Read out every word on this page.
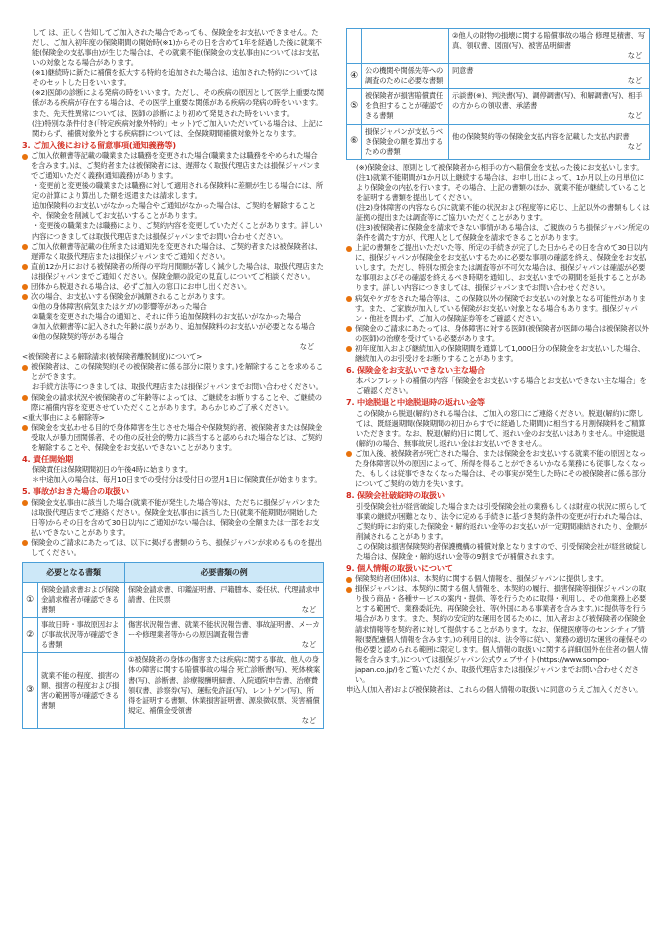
して は、正しく告知してご加入された場合であっても、保険金をお支払いできません。ただし、ご加入初年度の保険期間の開始時(※1)からその日を含めて1年を経過した後に就業不能(保険金の支払事由)が生じた場合は、その就業不能(保険金の支払事由)についてはお支払いの対象となる場合があります。

(※1)継続時に新たに補償を拡大する特約を追加された場合は、追加された特約についてはそのセットした日をいいます。

(※2)医師の診断による発病の時をいいます。ただし、その疾病の原因として医学上重要な関係がある疾病が存在する場合は、その医学上重要な関係がある疾病の発病の時をいいます。また、先天性異常については、医師の診断により初めて発見された時をいいます。

(注)特別な条件付き(「特定疾病対象外特約」セット)でご加入いただいている場合は、上記に関わらず、補償対象外とする疾病群については、全保険期間補償対象外となります。

3. ご加入後における留意事項(通知義務等)

ご加入依頼書等記載の職業または職務を変更された場合(職業または職務をやめられた場合を含みます。)は、ご契約者または被保険者には、遅滞なく取扱代理店または損保ジャパンまでご通知いただく義務(通知義務)があります。

・変更前と変更後の職業または職務に対して適用される保険料に差額が生じる場合には、所定の計算により算出した額を返還または請求します。

追加保険料のお支払いがなかった場合やご通知がなかった場合は、ご契約を解除することや、保険金を削減してお支払いすることがあります。

・変更後の職業または職務により、ご契約内容を変更していただくことがあります。詳しい内容につきましては取扱代理店または損保ジャパンまでお問い合わせください。

ご加入依頼書等記載の住所または通知先を変更された場合は、ご契約者または被保険者は、遅滞なく取扱代理店または損保ジャパンまでご通知ください。

直前12か月における被保険者の所得の平均月間額が著しく減少した場合は、取扱代理店または損保ジャパンまでご通知ください。保険金額の設定の見直しについてご相談ください。

団体から脱退される場合は、必ずご加入の窓口にお申し出ください。

次の場合、お支払いする保険金が減額されることがあります。

①他の身体障害(病気またはケガ)の影響等があった場合

②職業を変更された場合の通知と、それに伴う追加保険料のお支払いがなかった場合

③加入依頼書等に記入された年齢に誤りがあり、追加保険料のお支払いが必要となる場合

④他の保険契約等がある場合

など

<被保険者による解除請求(被保険者離脱制度)について>

被保険者は、この保険契約(その被保険者に係る部分に限ります。)を解除することを求めることができます。

お手続方法等につきましては、取扱代理店または損保ジャパンまでお問い合わせください。

保険金の請求状況や被保険者のご年齢等によっては、ご継続をお断りすることや、ご継続の際に補償内容を変更させていただくことがあります。あらかじめご了承ください。

<重大事由による解除等>

保険金を支払わせる目的で身体障害を生じさせた場合や保険契約者、被保険者または保険金受取人が暴力団関係者、その他の反社会的勢力に該当すると認められた場合などは、ご契約を解除することや、保険金をお支払いできないことがあります。

4. 責任開始期

保険責任は保険期間初日の午後4時に始まります。

＊中途加入の場合は、毎月10日までの受付分は受付日の翌月1日に保険責任が始まります。

5. 事故がおきた場合の取扱い

保険金支払事由に該当した場合(就業不能が発生した場合等)は、ただちに損保ジャパンまたは取扱代理店までご連絡ください。保険金支払事由に該当した日(就業不能期間が開始した日等)からその日を含めて30日以内にご通知がない場合は、保険金の全額または一部をお支払いできないことがあります。

保険金のご請求にあたっては、以下に掲げる書類のうち、損保ジャパンが求めるものを提出してください。

必要となる書類		必要書類の例
①	保険金請求書および保険金請求権者が確認できる書類	保険金請求書、印鑑証明書、戸籍謄本、委任状、代理請求申請書、住民票
など

②	事故日時・事故原因および事故状況等が確認できる書類	傷害状況報告書、就業不能状況報告書、事故証明書、メーカーや修理業者等からの原因調査報告書
など

③	就業不能の程度、損害の額、損害の程度および損害の範囲等が確認できる書類	①被保険者の身体の傷害または疾病に関する事故、他人の身体の障害に関する賠償事故の場合 死亡診断書(写)、死体検案書(写)、診断書、診療報酬明細書、入院通院申告書、治療費領収書、診察券(写)、運転免許証(写)、レントゲン(写)、所得を証明する書類、休業損害証明書、源泉徴収票、災害補償規定、補償金受領書
など
		②他人の財物の損壊に関する賠償事故の場合 修理見積書、写真、領収書、図面(写)、被害品明細書
など

④	公の機関や関係先等への調査のために必要な書類	同意書
など

⑤	被保険者が損害賠償責任を負担することが確認できる書類	示談書(※)、判決書(写)、調停調書(写)、和解調書(写)、相手の方からの領収書、承諾書
など

⑥	損保ジャパンが支払うべき保険金の額を算出するための書類	他の保険契約等の保険金支払内容を記載した支払内訳書
など

(※)保険金は、原則として被保険者から相手の方へ賠償金を支払った後にお支払いします。

(注1)就業不能期間が1か月以上継続する場合は、お申し出によって、1か月以上の月単位により保険金の内払を行います。その場合、上記の書類のほか、就業不能が継続していることを証明する書類を提出してください。

(注2)身体障害の内容ならびに就業不能の状況および程度等に応じ、上記以外の書類もしくは証拠の提出または調査等にご協力いただくことがあります。

(注3)被保険者に保険金を請求できない事情がある場合は、ご親族のうち損保ジャパン所定の条件を満たす方が、代理人として保険金を請求できることがあります。

上記の書類をご提出いただいた等、所定の手続きが完了した日からその日を含めて30日以内に、損保ジャパンが保険金をお支払いするために必要な事項の確認を終え、保険金をお支払いします。ただし、特別な照会または調査等が不可欠な場合は、損保ジャパンは確認が必要な事項およびその確認を終えるべき時期を通知し、お支払いまでの期間を延長することがあります。詳しい内容につきましては、損保ジャパンまでお問い合わせください。

病気やケガをされた場合等は、この保険以外の保険でお支払いの対象となる可能性があります。また、ご家族が加入している保険がお支払い対象となる場合もあります。損保ジャパン・他社を問わず、ご加入の保険証券等をご確認ください。

保険金のご請求にあたっては、身体障害に対する医師(被保険者が医師の場合は被保険者以外の医師)の治療を受けている必要があります。

初年度加入および継続加入の保険期間を通算して1,000日分の保険金をお支払いした場合、継続加入のお引受けをお断りすることがあります。

6. 保険金をお支払いできない主な場合

本パンフレットの補償の内容「保険金をお支払いする場合とお支払いできない主な場合」をご確認ください。

7. 中途脱退と中途脱退時の返れい金等

この保険から脱退(解約)される場合は、ご加入の窓口にご連絡ください。脱退(解約)に際しては、既経過期間(保険期間の初日からすでに経過した期間)に相当する月割保険料をご精算いただきます。なお、脱退(解約)日に関して、返れい金のお支払いはありません。中途脱退(解約)の場合、無事故戻し返れい金はお支払いできません。

ご加入後、被保険者が死亡された場合、または保険金をお支払いする就業不能の原因となった身体障害以外の原因によって、所得を得ることができるいかなる業務にも従事しなくなった、もしくは従事できなくなった場合は、その事実が発生した時にその被保険者に係る部分についてご契約の効力を失います。

8. 保険会社破綻時の取扱い

引受保険会社が経営破綻した場合または引受保険会社の業務もしくは財産の状況に照らして事業の継続が困難となり、法令に定める手続きに基づき契約条件の変更が行われた場合は、ご契約時にお約束した保険金・解約返れい金等のお支払いが一定期間凍結されたり、金額が削減されることがあります。

この保険は損害保険契約者保護機構の補償対象となりますので、引受保険会社が経営破綻した場合は、保険金・解約返れい金等の9割までが補償されます。

9. 個人情報の取扱いについて

保険契約者(団体)は、本契約に関する個人情報を、損保ジャパンに提供します。

損保ジャパンは、本契約に関する個人情報を、本契約の履行、損害保険等損保ジャパンの取り扱う商品・各種サービスの案内・提供、等を行うために取得・利用し、その他業務上必要とする範囲で、業務委託先、再保険会社、等(外国にある事業者を含みます。)に提供等を行う場合があります。また、契約の安定的な運用を図るために、加入者および被保険者の保険金請求情報等を契約者に対して提供することがあります。なお、保健医療等のセンシティブ情報(要配慮個人情報を含みます。)の利用目的は、法令等に従い、業務の適切な運営の確保その他必要と認められる範囲に限定します。個人情報の取扱いに関する詳細(国外在住者の個人情報を含みます。)については損保ジャパン公式ウェブサイト(https://www.sompo-japan.co.jp/)をご覧いただくか、取扱代理店または損保ジャパンまでお問い合わせください。

申込人(加入者)および被保険者は、これらの個人情報の取扱いに同意のうえご加入ください。
